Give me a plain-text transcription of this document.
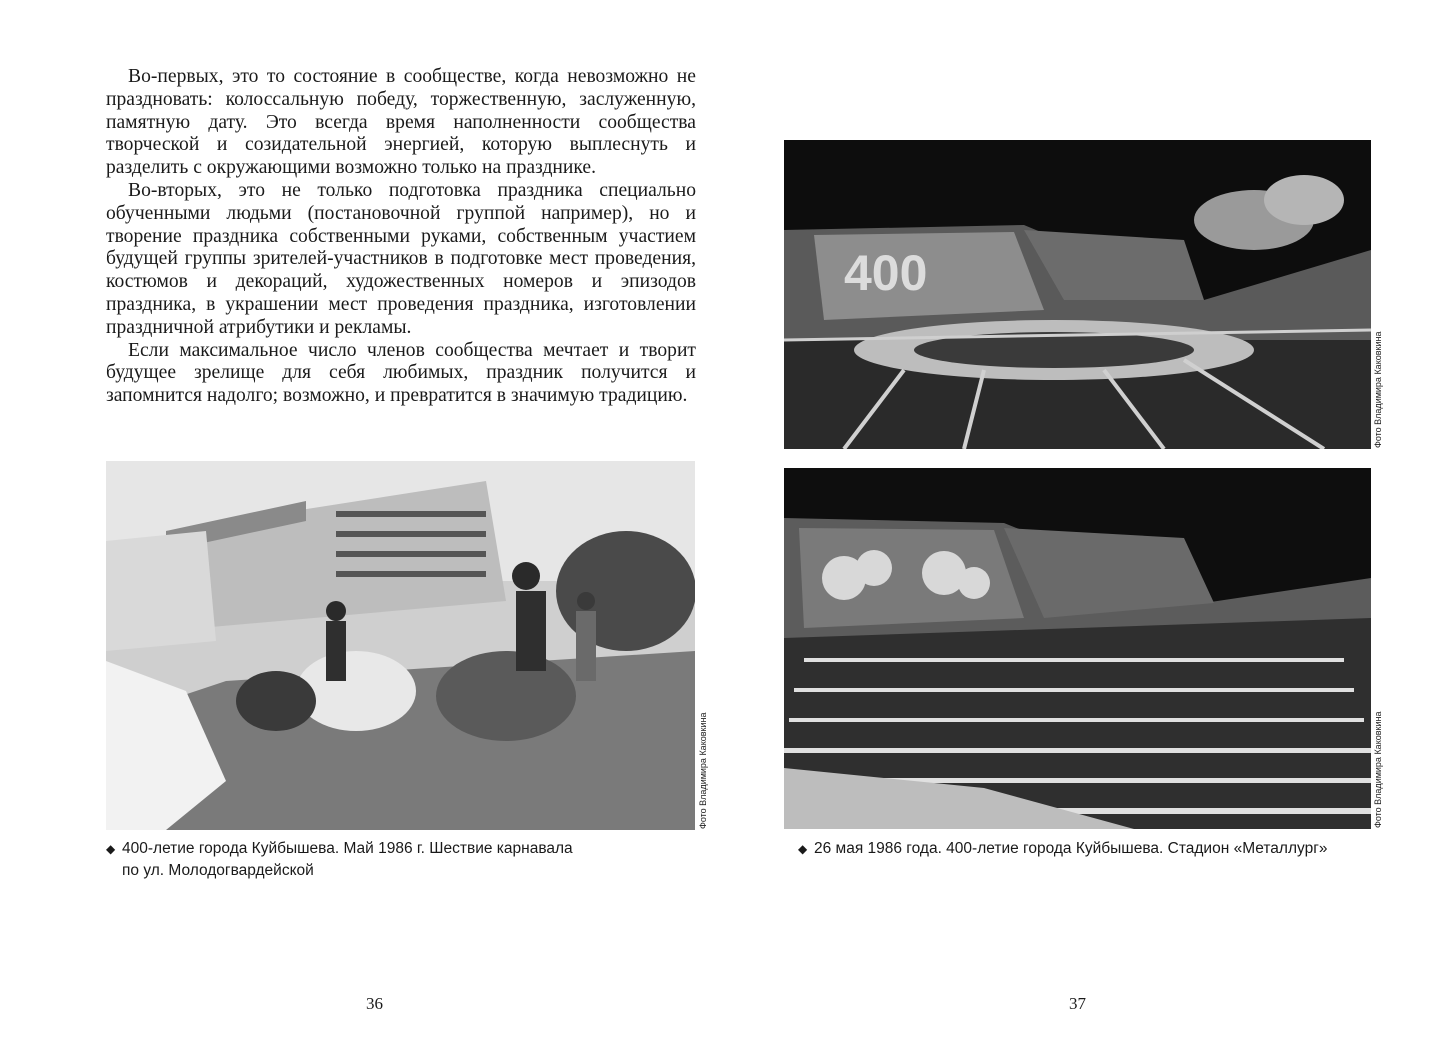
Во-первых, это то состояние в сообществе, когда невозможно не праздновать: колоссальную победу, торжественную, заслуженную, памятную дату. Это всегда время наполненности сообщества творческой и созидательной энергией, которую выплеснуть и разделить с окружающими возможно только на празднике.

Во-вторых, это не только подготовка праздника специально обученными людьми (постановочной группой например), но и творение праздника собственными руками, собственным участием будущей группы зрителей-участников в подготовке мест проведения, костюмов и декораций, художественных номеров и эпизодов праздника, в украшении мест проведения праздника, изготовлении праздничной атрибутики и рекламы.

Если максимальное число членов сообщества мечтает и творит будущее зрелище для себя любимых, праздник получится и запомнится надолго; возможно, и превратится в значимую традицию.

Фото Владимира Каковкина
◆ 400-летие города Куйбышева. Май 1986 г. Шествие карнавала
по ул. Молодогвардейской
36
400
Фото Владимира Каковкина
Фото Владимира Каковкина
◆ 26 мая 1986 года. 400-летие города Куйбышева. Стадион «Металлург»
37
